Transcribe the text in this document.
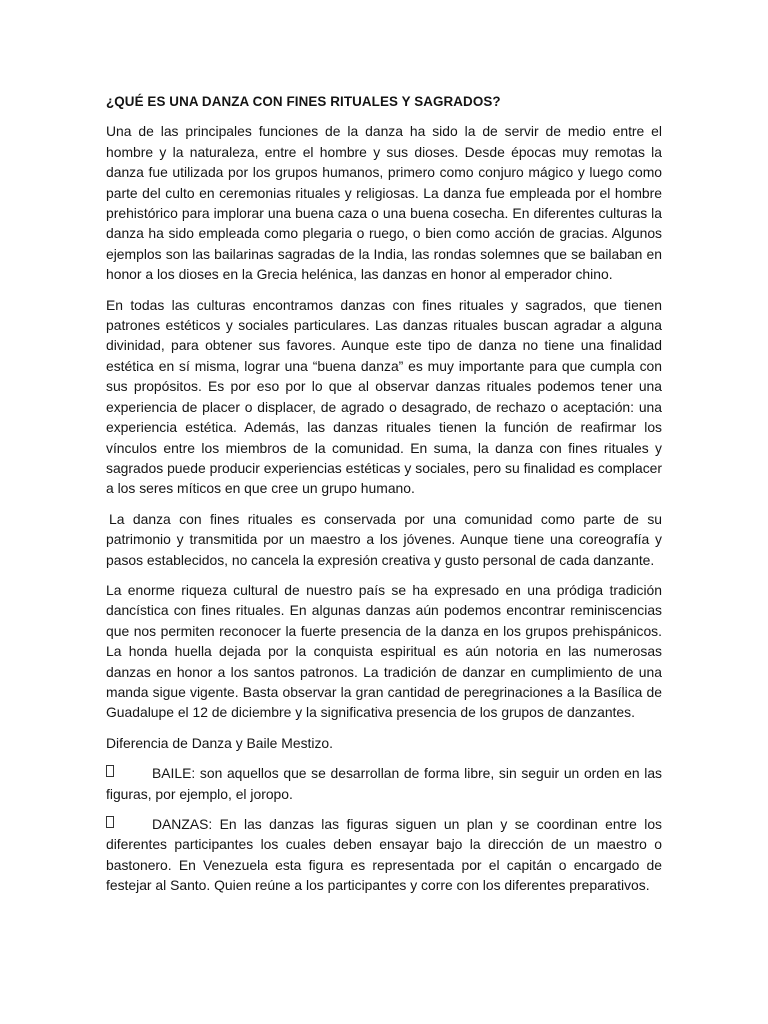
¿QUÉ ES UNA DANZA CON FINES RITUALES Y SAGRADOS?

Una de las principales funciones de la danza ha sido la de servir de medio entre el hombre y la naturaleza, entre el hombre y sus dioses. Desde épocas muy remotas la danza fue utilizada por los grupos humanos, primero como conjuro mágico y luego como parte del culto en ceremonias rituales y religiosas. La danza fue empleada por el hombre prehistórico para implorar una buena caza o una buena cosecha. En diferentes culturas la danza ha sido empleada como plegaria o ruego, o bien como acción de gracias. Algunos ejemplos son las bailarinas sagradas de la India, las rondas solemnes que se bailaban en honor a los dioses en la Grecia helénica, las danzas en honor al emperador chino.

En todas las culturas encontramos danzas con fines rituales y sagrados, que tienen patrones estéticos y sociales particulares. Las danzas rituales buscan agradar a alguna divinidad, para obtener sus favores. Aunque este tipo de danza no tiene una finalidad estética en sí misma, lograr una “buena danza” es muy importante para que cumpla con sus propósitos. Es por eso por lo que al observar danzas rituales podemos tener una experiencia de placer o displacer, de agrado o desagrado, de rechazo o aceptación: una experiencia estética. Además, las danzas rituales tienen la función de reafirmar los vínculos entre los miembros de la comunidad. En suma, la danza con fines rituales y sagrados puede producir experiencias estéticas y sociales, pero su finalidad es complacer a los seres míticos en que cree un grupo humano.

La danza con fines rituales es conservada por una comunidad como parte de su patrimonio y transmitida por un maestro a los jóvenes. Aunque tiene una coreografía y pasos establecidos, no cancela la expresión creativa y gusto personal de cada danzante.

La enorme riqueza cultural de nuestro país se ha expresado en una pródiga tradición dancística con fines rituales. En algunas danzas aún podemos encontrar reminiscencias que nos permiten reconocer la fuerte presencia de la danza en los grupos prehispánicos. La honda huella dejada por la conquista espiritual es aún notoria en las numerosas danzas en honor a los santos patronos. La tradición de danzar en cumplimiento de una manda sigue vigente. Basta observar la gran cantidad de peregrinaciones a la Basílica de Guadalupe el 12 de diciembre y la significativa presencia de los grupos de danzantes.

Diferencia de Danza y Baile Mestizo.
BAILE: son aquellos que se desarrollan de forma libre, sin seguir un orden en las figuras, por ejemplo, el joropo.
DANZAS: En las danzas las figuras siguen un plan y se coordinan entre los diferentes participantes los cuales deben ensayar bajo la dirección de un maestro o bastonero. En Venezuela esta figura es representada por el capitán o encargado de festejar al Santo. Quien reúne a los participantes y corre con los diferentes preparativos.
